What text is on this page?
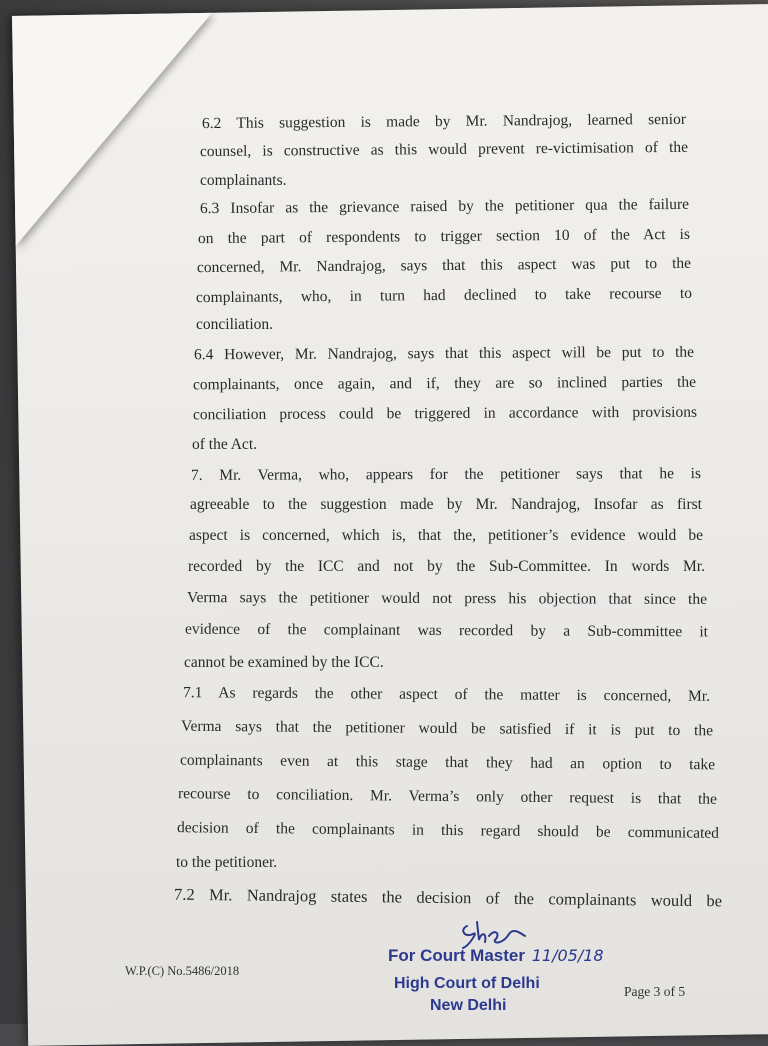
6.2 This suggestion is made by Mr. Nandrajog, learned senior
counsel, is constructive as this would prevent re-victimisation of the
complainants.
6.3 Insofar as the grievance raised by the petitioner qua the failure
on the part of respondents to trigger section 10 of the Act is
concerned, Mr. Nandrajog, says that this aspect was put to the
complainants, who, in turn had declined to take recourse to
conciliation.
6.4 However, Mr. Nandrajog, says that this aspect will be put to the
complainants, once again, and if, they are so inclined parties the
conciliation process could be triggered in accordance with provisions
of the Act.
7. Mr. Verma, who, appears for the petitioner says that he is
agreeable to the suggestion made by Mr. Nandrajog, Insofar as first
aspect is concerned, which is, that the, petitioner’s evidence would be
recorded by the ICC and not by the Sub-Committee. In words Mr.
Verma says the petitioner would not press his objection that since the
evidence of the complainant was recorded by a Sub-committee it
cannot be examined by the ICC.
7.1 As regards the other aspect of the matter is concerned, Mr.
Verma says that the petitioner would be satisfied if it is put to the
complainants even at this stage that they had an option to take
recourse to conciliation. Mr. Verma’s only other request is that the
decision of the complainants in this regard should be communicated
to the petitioner.
7.2 Mr. Nandrajog states the decision of the complainants would be
W.P.(C) No.5486/2018
Page 3 of 5
For Court Master 11/05/18
High Court of Delhi
New Delhi
